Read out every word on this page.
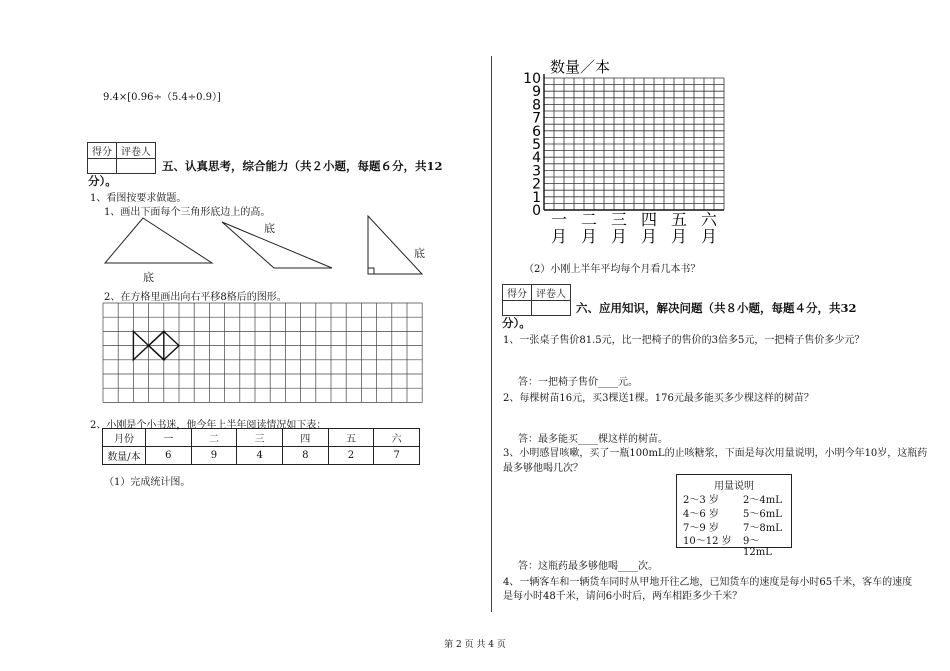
9.4×[0.96÷（5.4÷0.9）]
得分	评卷人

五、认真思考，综合能力（共２小题，每题６分，共12
分）。
1、看图按要求做题。
1、画出下面每个三角形底边上的高。
底
底
底
2、在方格里画出向右平移8格后的图形。
2、小刚是个小书迷，他今年上半年阅读情况如下表：
月份	一	二	三	四	五	六
数量/本	6	9	4	8	2	7
（1）完成统计图。
数量／本
0
1
2
3
4
5
6
7
8
9
10
一
月
二
月
三
月
四
月
五
月
六
月
（2）小刚上半年平均每个月看几本书？
得分	评卷人

六、应用知识，解决问题（共８小题，每题４分，共32
分）。
1、一张桌子售价81.5元，比一把椅子的售价的3倍多5元，一把椅子售价多少元？
答：一把椅子售价____元。
2、每棵树苗16元，买3棵送1棵。176元最多能买多少棵这样的树苗？
答：最多能买____棵这样的树苗。
3、小明感冒咳嗽，买了一瓶100mL的止咳糖浆，下面是每次用量说明，小明今年10岁，这瓶药
最多够他喝几次？
用量说明
2～3 岁 2～4mL
4～6 岁 5～6mL
7～9 岁 7～8mL
10～12 岁 9～12mL
答：这瓶药最多够他喝____次。
4、一辆客车和一辆货车同时从甲地开往乙地，已知货车的速度是每小时65千米，客车的速度
是每小时48千米，请问6小时后，两车相距多少千米？
第 2 页 共 4 页
